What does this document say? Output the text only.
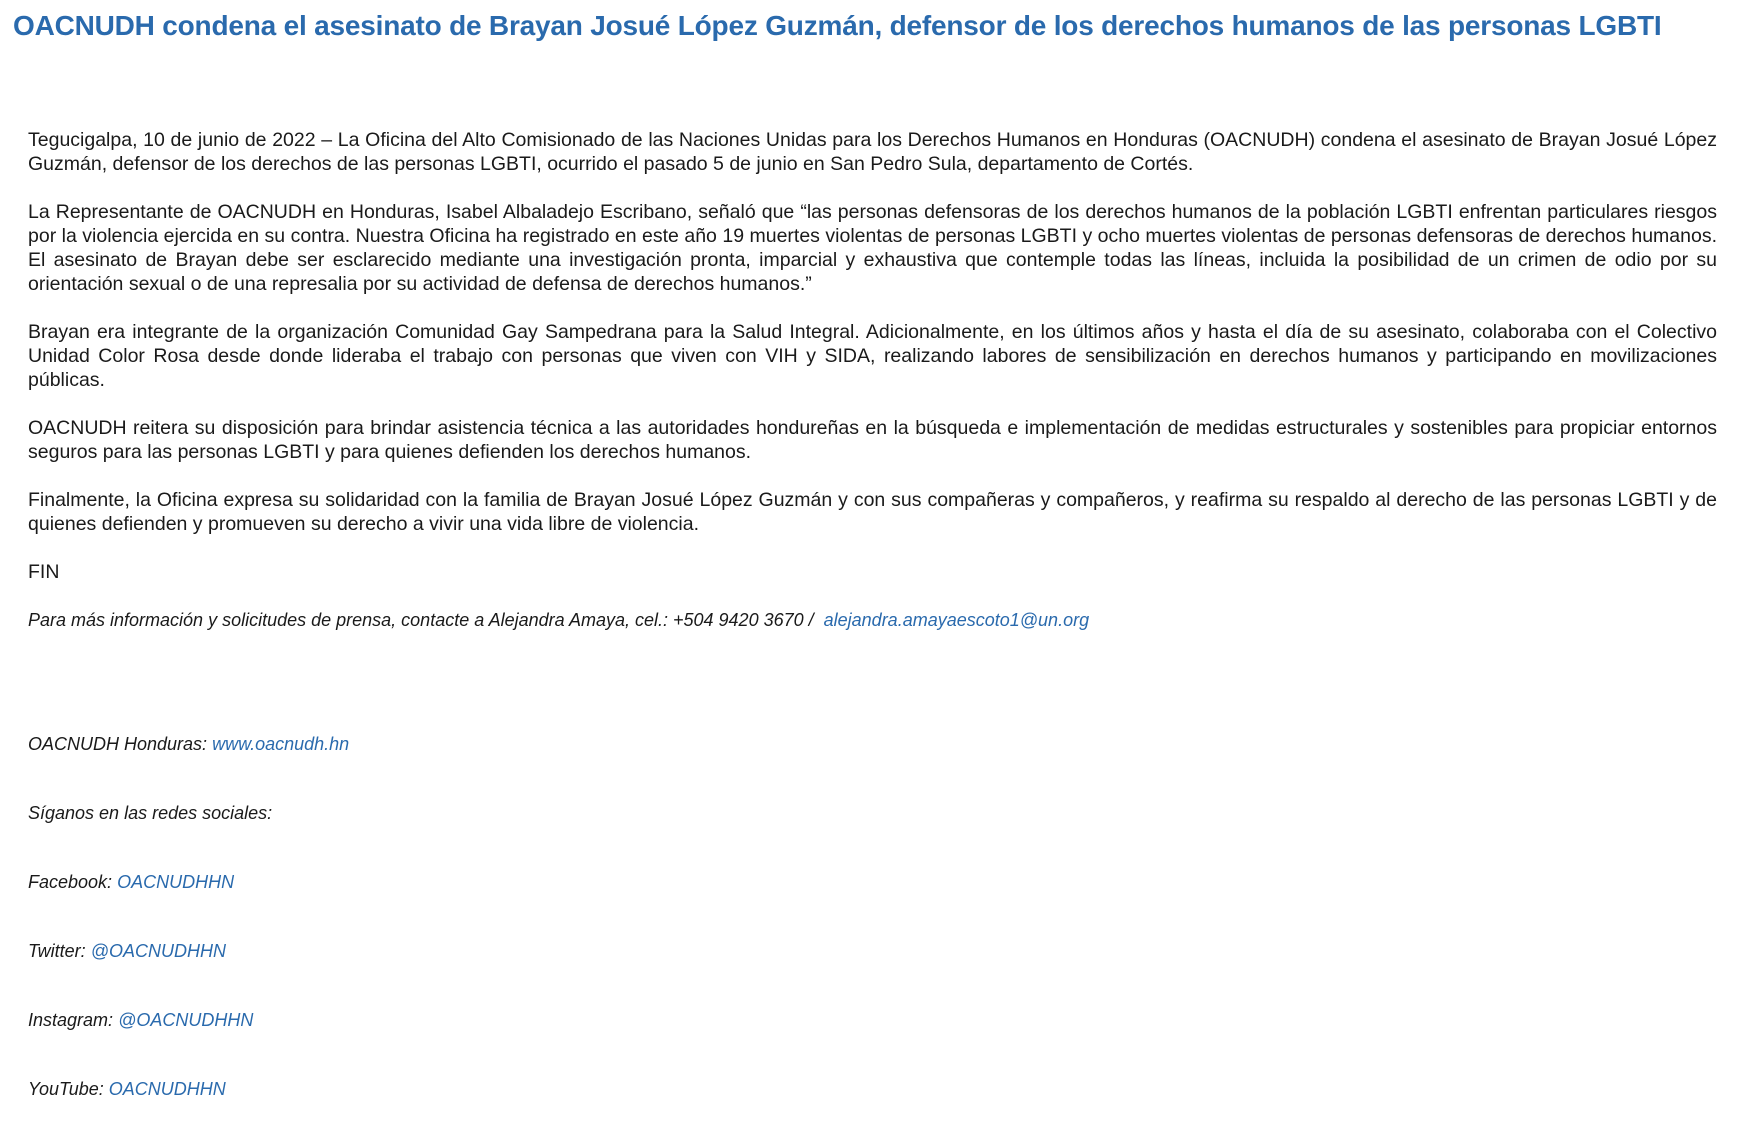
OACNUDH condena el asesinato de Brayan Josué López Guzmán, defensor de los derechos humanos de las personas LGBTI

Tegucigalpa, 10 de junio de 2022 – La Oficina del Alto Comisionado de las Naciones Unidas para los Derechos Humanos en Honduras (OACNUDH) condena el asesinato de Brayan Josué López Guzmán, defensor de los derechos de las personas LGBTI, ocurrido el pasado 5 de junio en San Pedro Sula, departamento de Cortés.

La Representante de OACNUDH en Honduras, Isabel Albaladejo Escribano, señaló que “las personas defensoras de los derechos humanos de la población LGBTI enfrentan particulares riesgos por la violencia ejercida en su contra. Nuestra Oficina ha registrado en este año 19 muertes violentas de personas LGBTI y ocho muertes violentas de personas defensoras de derechos humanos. El asesinato de Brayan debe ser esclarecido mediante una investigación pronta, imparcial y exhaustiva que contemple todas las líneas, incluida la posibilidad de un crimen de odio por su orientación sexual o de una represalia por su actividad de defensa de derechos humanos.”

Brayan era integrante de la organización Comunidad Gay Sampedrana para la Salud Integral. Adicionalmente, en los últimos años y hasta el día de su asesinato, colaboraba con el Colectivo Unidad Color Rosa desde donde lideraba el trabajo con personas que viven con VIH y SIDA, realizando labores de sensibilización en derechos humanos y participando en movilizaciones públicas.

OACNUDH reitera su disposición para brindar asistencia técnica a las autoridades hondureñas en la búsqueda e implementación de medidas estructurales y sostenibles para propiciar entornos seguros para las personas LGBTI y para quienes defienden los derechos humanos.

Finalmente, la Oficina expresa su solidaridad con la familia de Brayan Josué López Guzmán y con sus compañeras y compañeros, y reafirma su respaldo al derecho de las personas LGBTI y de quienes defienden y promueven su derecho a vivir una vida libre de violencia.

FIN

Para más información y solicitudes de prensa, contacte a Alejandra Amaya, cel.: +504 9420 3670 / alejandra.amayaescoto1@un.org

OACNUDH Honduras: www.oacnudh.hn

Síganos en las redes sociales:

Facebook: OACNUDHHN

Twitter: @OACNUDHHN

Instagram: @OACNUDHHN

YouTube: OACNUDHHN
